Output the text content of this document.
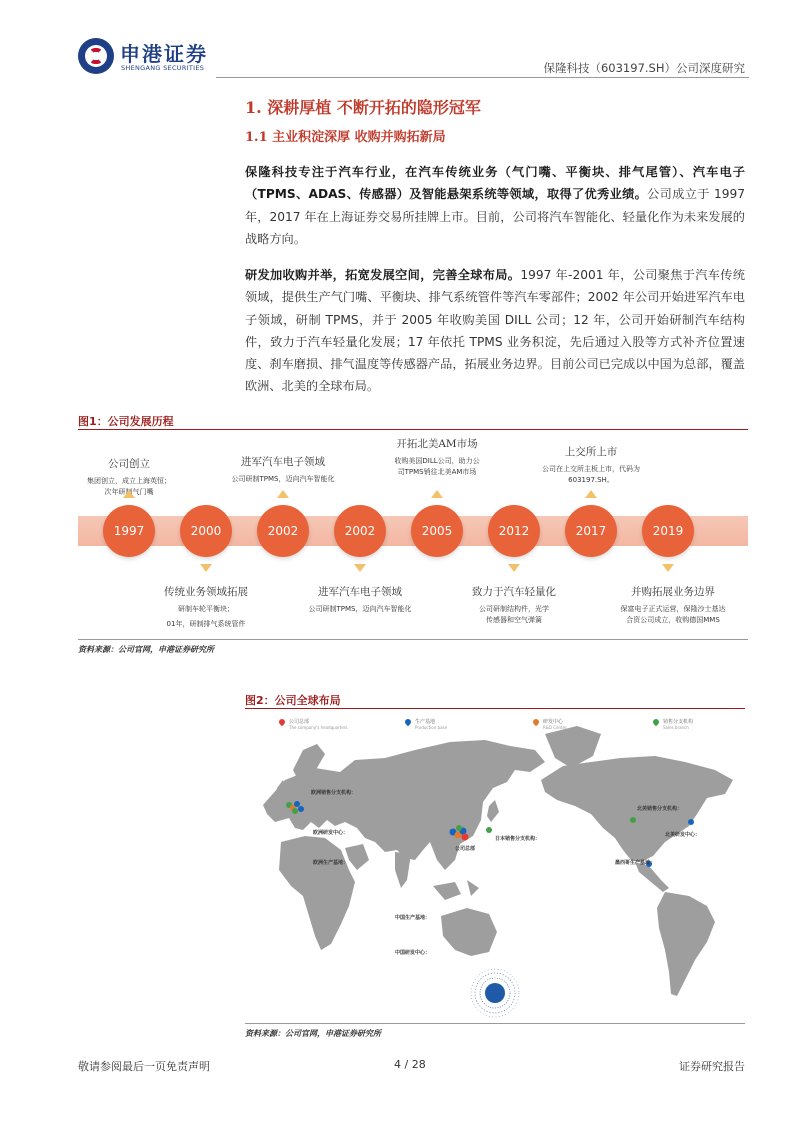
申港证券
SHENGANG SECURITIES	保隆科技（603197.SH）公司深度研究
1. 深耕厚植 不断开拓的隐形冠军
1.1 主业积淀深厚 收购并购拓新局
保隆科技专注于汽车行业，在汽车传统业务（气门嘴、平衡块、排气尾管）、汽车电子（TPMS、ADAS、传感器）及智能悬架系统等领域，取得了优秀业绩。公司成立于 1997 年，2017 年在上海证券交易所挂牌上市。目前，公司将汽车智能化、轻量化作为未来发展的战略方向。
研发加收购并举，拓宽发展空间，完善全球布局。1997 年-2001 年，公司聚焦于汽车传统领域，提供生产气门嘴、平衡块、排气系统管件等汽车零部件；2002 年公司开始进军汽车电子领域，研制 TPMS，并于 2005 年收购美国 DILL 公司；12 年，公司开始研制汽车结构件，致力于汽车轻量化发展；17 年依托 TPMS 业务积淀，先后通过入股等方式补齐位置速度、刹车磨损、排气温度等传感器产品，拓展业务边界。目前公司已完成以中国为总部，覆盖欧洲、北美的全球布局。
图1：公司发展历程
1997	2000	2002	2002	2005	2012	2017	2019
公司创立
集团创立，成立上海英恒；
次年研制气门嘴
进军汽车电子领域
公司研制TPMS，迈向汽车智能化
开拓北美AM市场
收购美国DILL公司，助力公
司TPMS销往北美AM市场
上交所上市
公司在上交所主板上市，代码为
603197.SH。
传统业务领域拓展
研制车轮平衡块；
01年，研制排气系统管件
进军汽车电子领域
公司研制TPMS，迈向汽车智能化
致力于汽车轻量化
公司研制结构件，光学
传感器和空气弹簧
并购拓展业务边界
保富电子正式运营，保隆沙士基达
合资公司成立，收购德国MMS
资料来源：公司官网，申港证券研究所
图2：公司全球布局
公司总部
The company's headquarters
生产基地
Production base
研发中心
R&D Center
销售分支机构
Sales branch
欧洲销售分支机构：
欧洲研发中心：
欧洲生产基地：
公司总部
日本销售分支机构：
中国生产基地：
中国研发中心：
北美销售分支机构：
北美研发中心：
墨西哥生产基地：
资料来源：公司官网，申港证券研究所
敬请参阅最后一页免责声明	4 / 28	证券研究报告
